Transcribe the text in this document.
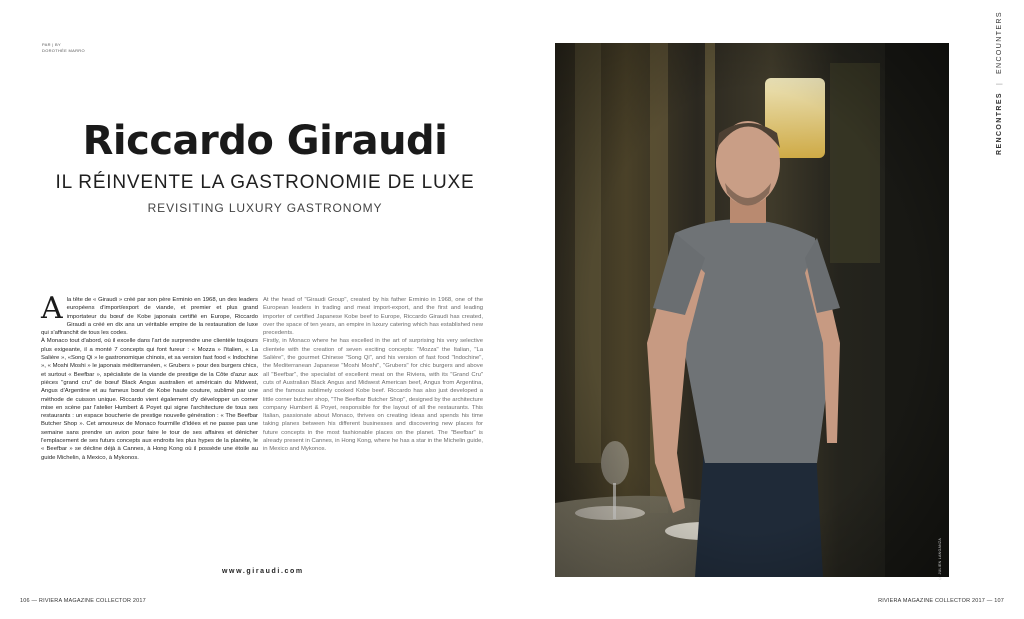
PAR | BY
DOROTHÉE MARRO
Riccardo Giraudi
IL RÉINVENTE LA GASTRONOMIE DE LUXE
REVISITING LUXURY GASTRONOMY
A la tête de « Giraudi » créé par son père Erminio en 1968, un des leaders européens d'import/export de viande, et premier et plus grand importateur du bœuf de Kobe japonais certifié en Europe, Riccardo Giraudi a créé en dix ans un véritable empire de la restauration de luxe qui s'affranchit de tous les codes.

À Monaco tout d'abord, où il excelle dans l'art de surprendre une clientèle toujours plus exigeante, il a monté 7 concepts qui font fureur : « Mozza » l'italien, « La Salière », «Song Qi » le gastronomique chinois, et sa version fast food « Indochine », « Moshi Moshi » le japonais méditerranéen, « Grubers » pour des burgers chics, et surtout « Beefbar », spécialiste de la viande de prestige de la Côte d'azur aux pièces "grand cru" de bœuf Black Angus australien et américain du Midwest, Angus d'Argentine et au fameux bœuf de Kobe haute couture, sublimé par une méthode de cuisson unique. Riccardo vient également d'y développer un corner mise en scène par l'atelier Humbert & Poyet qui signe l'architecture de tous ses restaurants : un espace boucherie de prestige nouvelle génération : « The Beefbar Butcher Shop ». Cet amoureux de Monaco fourmille d'idées et ne passe pas une semaine sans prendre un avion pour faire le tour de ses affaires et dénicher l'emplacement de ses futurs concepts aux endroits les plus hypes de la planète, le « Beefbar » se décline déjà à Cannes, à Hong Kong où il possède une étoile au guide Michelin, à Mexico, à Mykonos.

At the head of "Giraudi Group", created by his father Erminio in 1968, one of the European leaders in trading and meat import-export, and the first and leading importer of certified Japanese Kobe beef to Europe, Riccardo Giraudi has created, over the space of ten years, an empire in luxury catering which has established new precedents.

Firstly, in Monaco where he has excelled in the art of surprising his very selective clientele with the creation of seven exciting concepts: "Mozza" the Italian, "La Salière", the gourmet Chinese "Song Qi", and his version of fast food "Indochine", the Mediterranean Japanese "Moshi Moshi", "Grubers" for chic burgers and above all "Beefbar", the specialist of excellent meat on the Riviera, with its "Grand Cru" cuts of Australian Black Angus and Midwest American beef, Angus from Argentina, and the famous sublimely cooked Kobe beef. Riccardo has also just developed a little corner butcher shop, "The Beefbar Butcher Shop", designed by the architecture company Humbert & Poyet, responsible for the layout of all the restaurants. This Italian, passionate about Monaco, thrives on creating ideas and spends his time taking planes between his different businesses and discovering new places for future concepts in the most fashionable places on the planet. The "Beefbar" is already present in Cannes, in Hong Kong, where he has a star in the Michelin guide, in Mexico and Mykonos.

www.giraudi.com
106 — RIVIERA MAGAZINE COLLECTOR 2017	RIVIERA MAGAZINE COLLECTOR 2017 — 107
© JULIEN LANGANZA
RENCONTRES | ENCOUNTERS
